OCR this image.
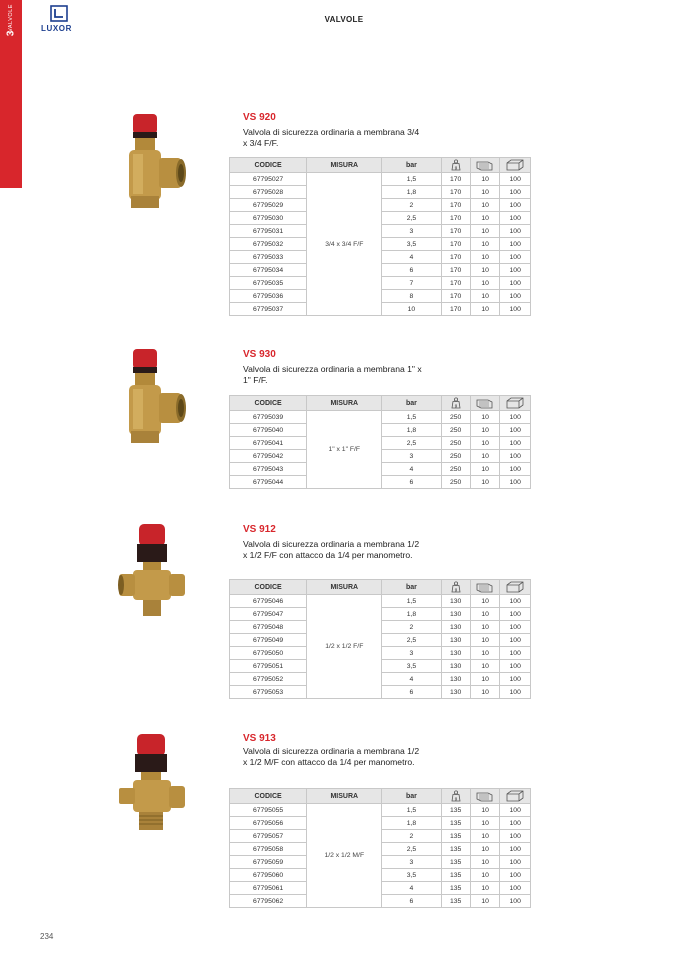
VALVOLE
3
LUXOR
VALVOLE
VS 920
Valvola di sicurezza ordinaria a membrana 3/4 x 3/4 F/F.
CODICE	MISURA	bar	g

67795027	3/4 x 3/4 F/F	1,5	170	10	100
67795028		1,8	170	10	100
67795029		2	170	10	100
67795030		2,5	170	10	100
67795031		3	170	10	100
67795032		3,5	170	10	100
67795033		4	170	10	100
67795034		6	170	10	100
67795035		7	170	10	100
67795036		8	170	10	100
67795037		10	170	10	100
VS 930
Valvola di sicurezza ordinaria a membrana 1" x 1" F/F.
CODICE	MISURA	bar	g

67795039	1" x 1" F/F	1,5	250	10	100
67795040		1,8	250	10	100
67795041		2,5	250	10	100
67795042		3	250	10	100
67795043		4	250	10	100
67795044		6	250	10	100
VS 912
Valvola di sicurezza ordinaria a membrana 1/2 x 1/2 F/F con attacco da 1/4 per manometro.
CODICE	MISURA	bar	g

67795046	1/2 x 1/2 F/F	1,5	130	10	100
67795047		1,8	130	10	100
67795048		2	130	10	100
67795049		2,5	130	10	100
67795050		3	130	10	100
67795051		3,5	130	10	100
67795052		4	130	10	100
67795053		6	130	10	100
VS 913
Valvola di sicurezza ordinaria a membrana 1/2 x 1/2 M/F con attacco da 1/4 per manometro.
CODICE	MISURA	bar	g

67795055	1/2 x 1/2 M/F	1,5	135	10	100
67795056		1,8	135	10	100
67795057		2	135	10	100
67795058		2,5	135	10	100
67795059		3	135	10	100
67795060		3,5	135	10	100
67795061		4	135	10	100
67795062		6	135	10	100
234
